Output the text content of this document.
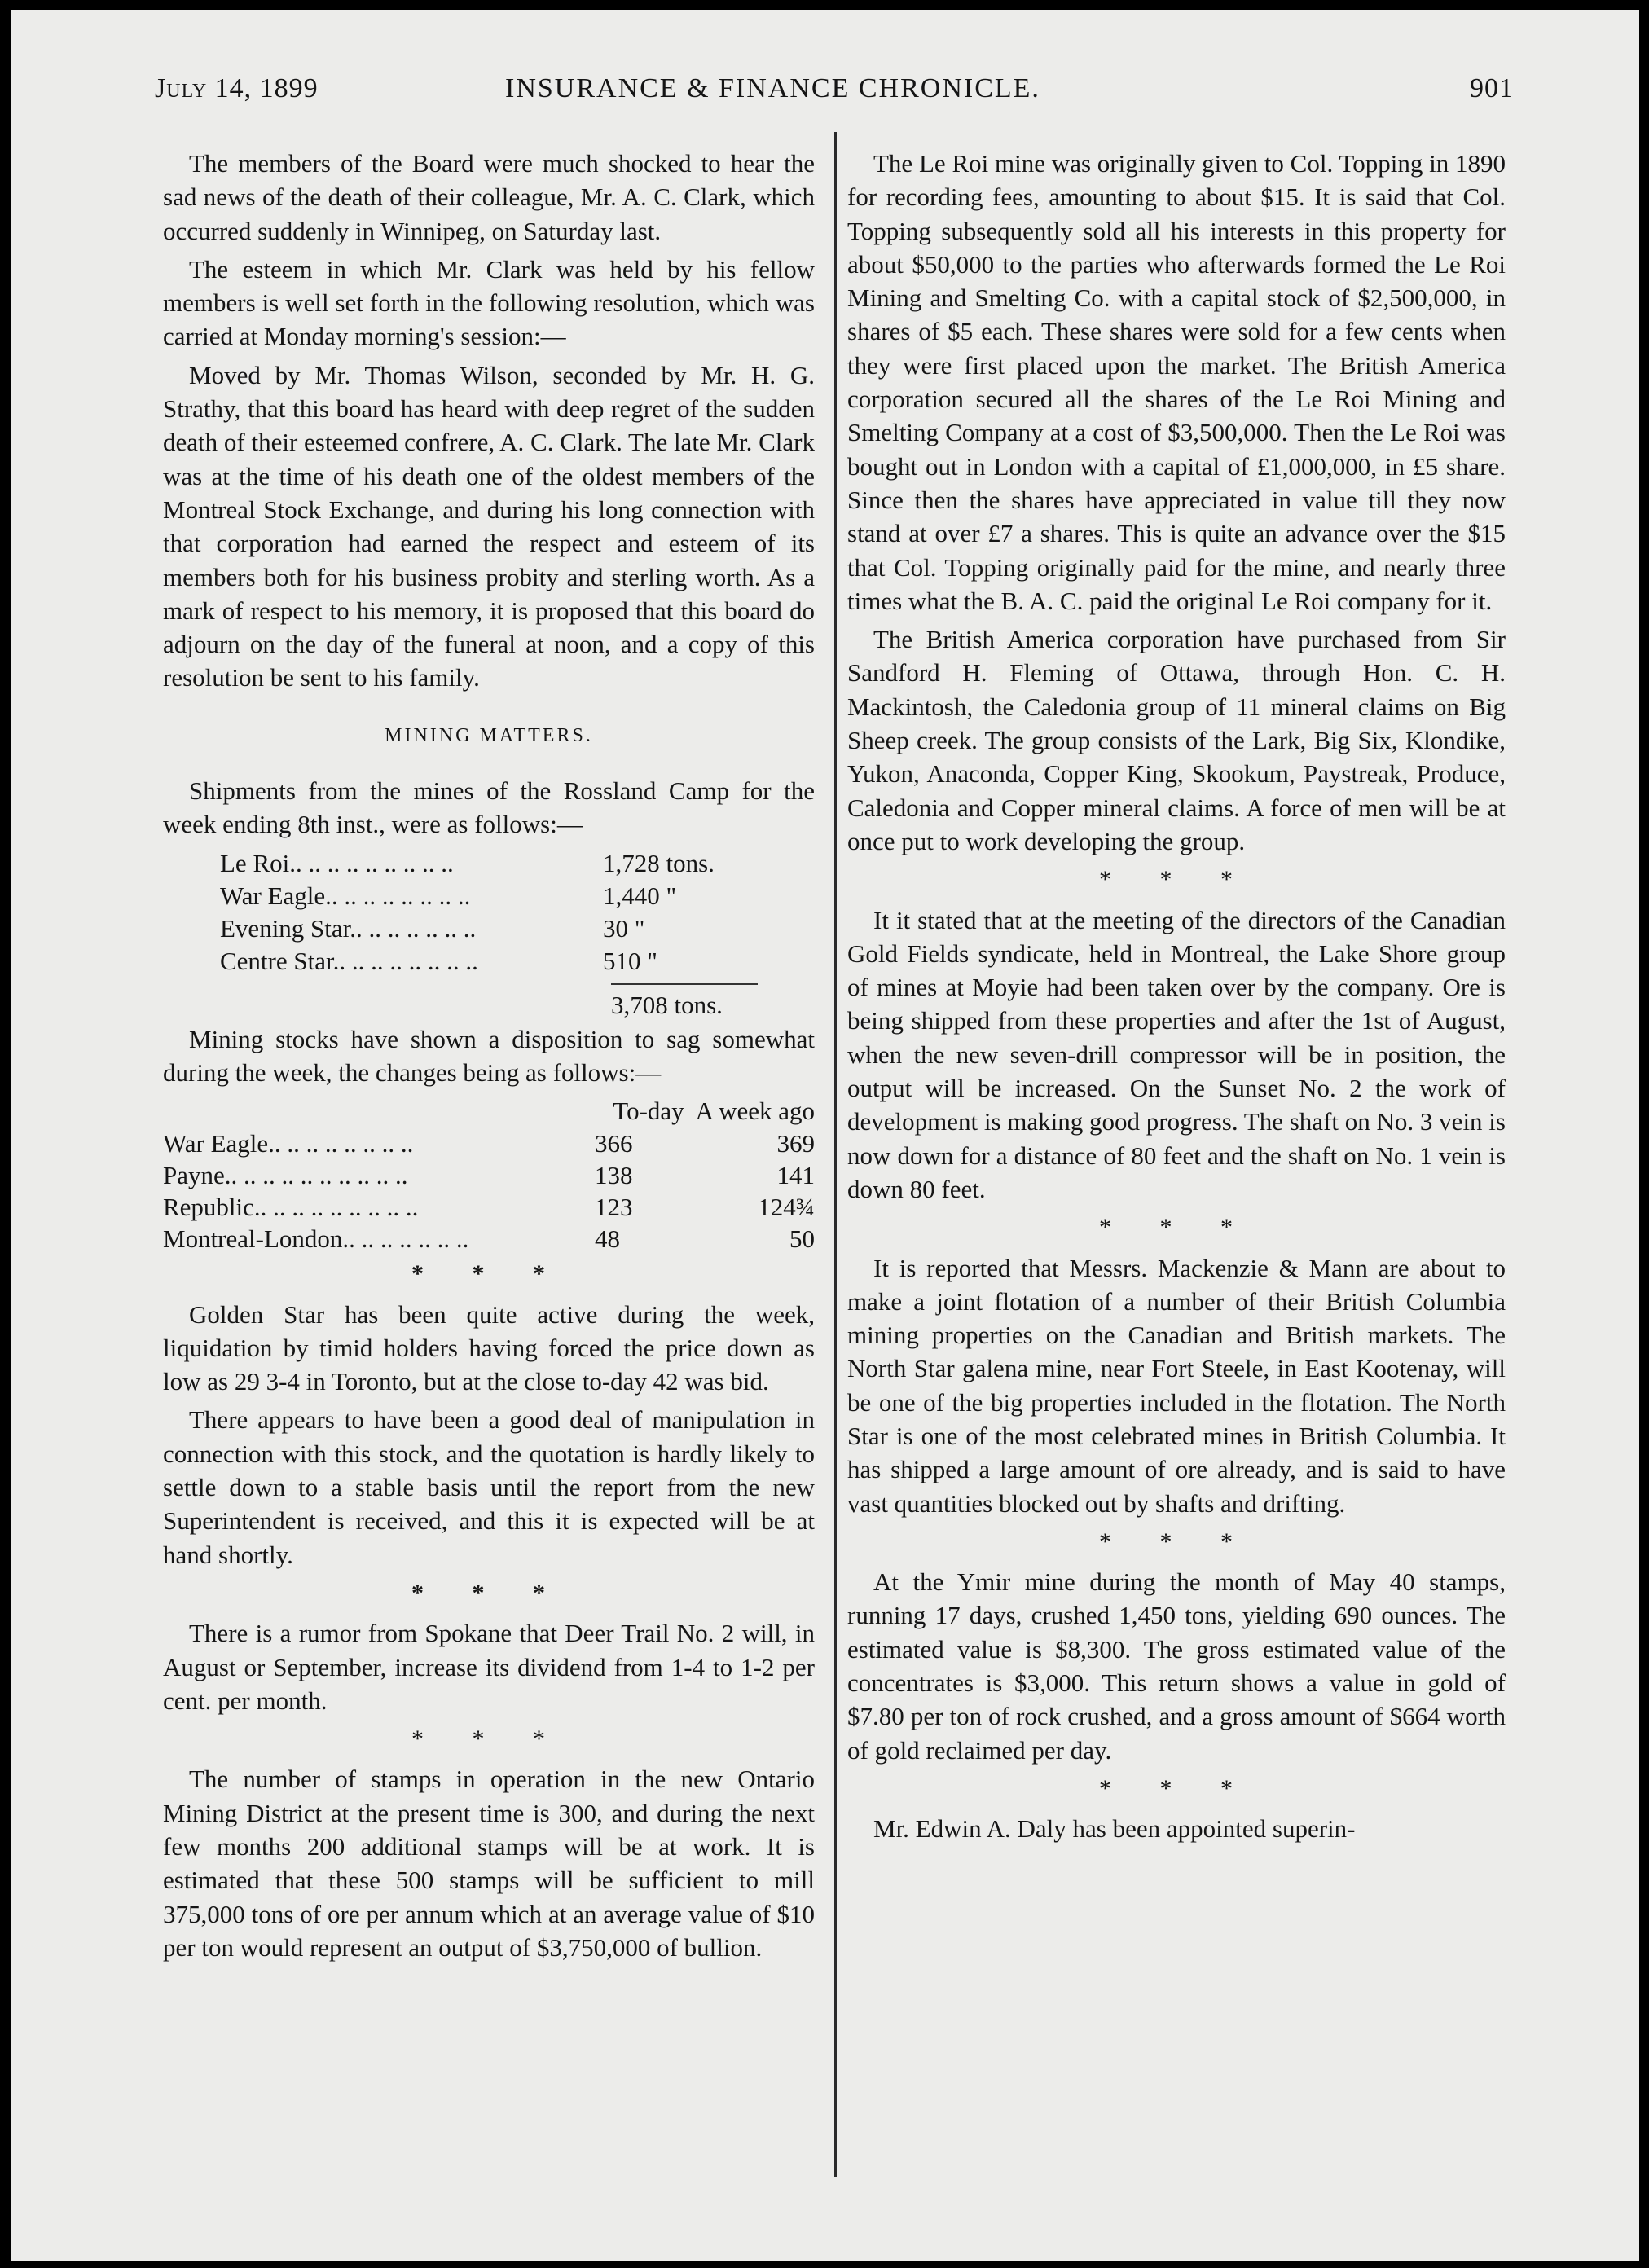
July 14, 1899	INSURANCE & FINANCE CHRONICLE.	901

The members of the Board were much shocked to hear the sad news of the death of their colleague, Mr. A. C. Clark, which occurred suddenly in Winnipeg, on Saturday last.

The esteem in which Mr. Clark was held by his fellow members is well set forth in the following resolution, which was carried at Monday morning's session:—

Moved by Mr. Thomas Wilson, seconded by Mr. H. G. Strathy, that this board has heard with deep regret of the sudden death of their esteemed confrere, A. C. Clark. The late Mr. Clark was at the time of his death one of the oldest members of the Montreal Stock Exchange, and during his long connection with that corporation had earned the respect and esteem of its members both for his business probity and sterling worth. As a mark of respect to his memory, it is proposed that this board do adjourn on the day of the funeral at noon, and a copy of this resolution be sent to his family.

MINING MATTERS.

Shipments from the mines of the Rossland Camp for the week ending 8th inst., were as follows:—

Le Roi.. .. .. .. .. .. .. .. ..	1,728 tons.
War Eagle.. .. .. .. .. .. .. ..	1,440 "
Evening Star.. .. .. .. .. .. ..	30 "
Centre Star.. .. .. .. .. .. .. ..	510 "
3,708 tons.

Mining stocks have shown a disposition to sag somewhat during the week, the changes being as follows:—

To-day A week ago
War Eagle.. .. .. .. .. .. .. ..	366	369
Payne.. .. .. .. .. .. .. .. .. ..	138	141
Republic.. .. .. .. .. .. .. .. ..	123	124¾
Montreal-London.. .. .. .. .. .. ..	48	50

* * *

Golden Star has been quite active during the week, liquidation by timid holders having forced the price down as low as 29 3-4 in Toronto, but at the close to-day 42 was bid.

There appears to have been a good deal of manipulation in connection with this stock, and the quotation is hardly likely to settle down to a stable basis until the report from the new Superintendent is received, and this it is expected will be at hand shortly.

* * *

There is a rumor from Spokane that Deer Trail No. 2 will, in August or September, increase its dividend from 1-4 to 1-2 per cent. per month.

* * *

The number of stamps in operation in the new Ontario Mining District at the present time is 300, and during the next few months 200 additional stamps will be at work. It is estimated that these 500 stamps will be sufficient to mill 375,000 tons of ore per annum which at an average value of $10 per ton would represent an output of $3,750,000 of bullion.

The Le Roi mine was originally given to Col. Topping in 1890 for recording fees, amounting to about $15. It is said that Col. Topping subsequently sold all his interests in this property for about $50,000 to the parties who afterwards formed the Le Roi Mining and Smelting Co. with a capital stock of $2,500,000, in shares of $5 each. These shares were sold for a few cents when they were first placed upon the market. The British America corporation secured all the shares of the Le Roi Mining and Smelting Company at a cost of $3,500,000. Then the Le Roi was bought out in London with a capital of £1,000,000, in £5 share. Since then the shares have appreciated in value till they now stand at over £7 a shares. This is quite an advance over the $15 that Col. Topping originally paid for the mine, and nearly three times what the B. A. C. paid the original Le Roi company for it.

The British America corporation have purchased from Sir Sandford H. Fleming of Ottawa, through Hon. C. H. Mackintosh, the Caledonia group of 11 mineral claims on Big Sheep creek. The group consists of the Lark, Big Six, Klondike, Yukon, Anaconda, Copper King, Skookum, Paystreak, Produce, Caledonia and Copper mineral claims. A force of men will be at once put to work developing the group.

* * *

It it stated that at the meeting of the directors of the Canadian Gold Fields syndicate, held in Montreal, the Lake Shore group of mines at Moyie had been taken over by the company. Ore is being shipped from these properties and after the 1st of August, when the new seven-drill compressor will be in position, the output will be increased. On the Sunset No. 2 the work of development is making good progress. The shaft on No. 3 vein is now down for a distance of 80 feet and the shaft on No. 1 vein is down 80 feet.

* * *

It is reported that Messrs. Mackenzie & Mann are about to make a joint flotation of a number of their British Columbia mining properties on the Canadian and British markets. The North Star galena mine, near Fort Steele, in East Kootenay, will be one of the big properties included in the flotation. The North Star is one of the most celebrated mines in British Columbia. It has shipped a large amount of ore already, and is said to have vast quantities blocked out by shafts and drifting.

* * *

At the Ymir mine during the month of May 40 stamps, running 17 days, crushed 1,450 tons, yielding 690 ounces. The estimated value is $8,300. The gross estimated value of the concentrates is $3,000. This return shows a value in gold of $7.80 per ton of rock crushed, and a gross amount of $664 worth of gold reclaimed per day.

* * *

Mr. Edwin A. Daly has been appointed superin-
